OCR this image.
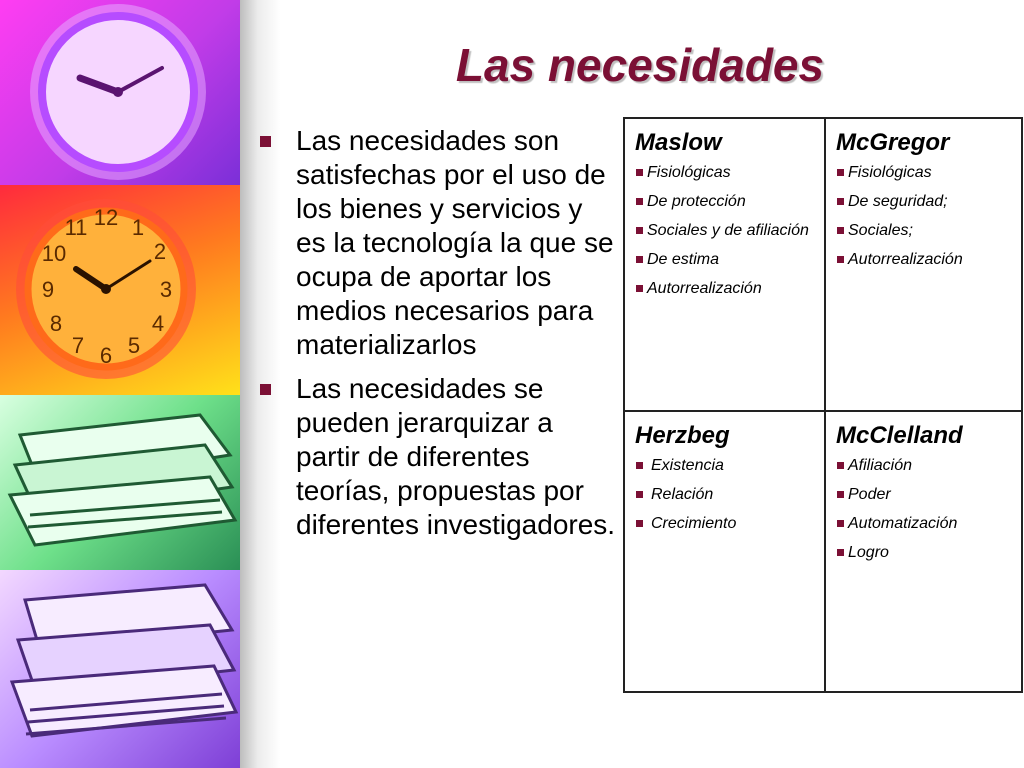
12 1
2
3
4
5
6
7
8
9
10
11
Las necesidades
Las necesidades son satisfechas por el uso de los bienes y servicios y es la tecnología la que se ocupa de aportar los medios necesarios para materializarlos
Las necesidades se pueden jerarquizar a partir de diferentes teorías, propuestas por diferentes investigadores.
Maslow
Fisiológicas
De protección
Sociales y de afiliación
De estima
Autorrealización
McGregor
Fisiológicas
De seguridad;
Sociales;
Autorrealización
Herzbeg
Existencia
Relación
Crecimiento
McClelland
Afiliación
Poder
Automatización
Logro
